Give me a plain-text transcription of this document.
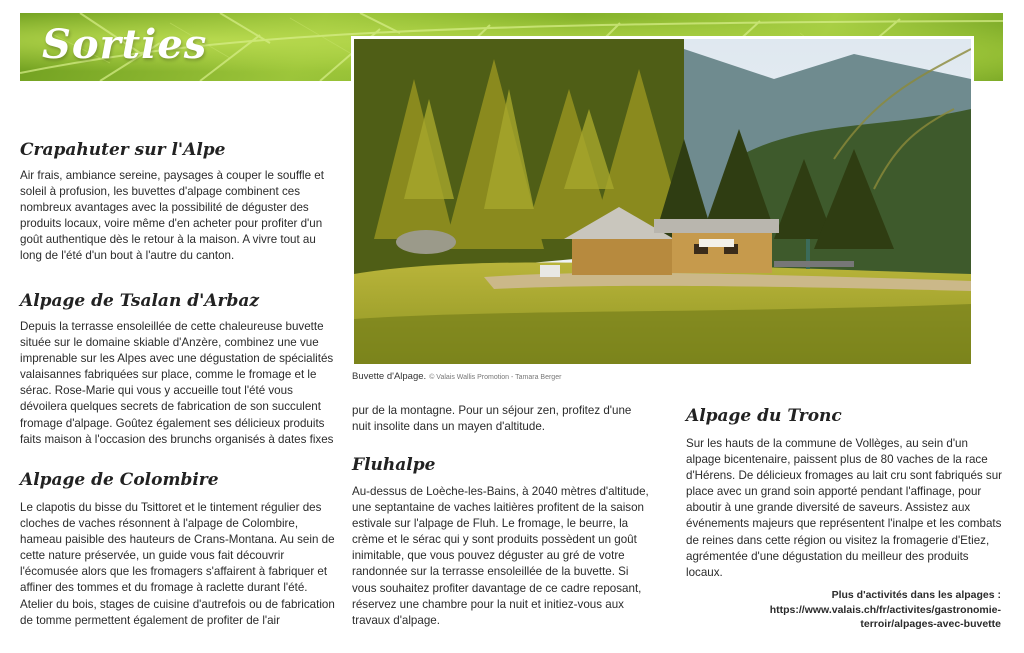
Sorties
Buvette d'Alpage. © Valais Wallis Promotion - Tamara Berger
Crapahuter sur l'Alpe
Air frais, ambiance sereine, paysages à couper le souffle et soleil à profusion, les buvettes d'alpage combinent ces nombreux avantages avec la possibilité de déguster des produits locaux, voire même d'en acheter pour profiter d'un goût authentique dès le retour à la maison. A vivre tout au long de l'été d'un bout à l'autre du canton.
Alpage de Tsalan d'Arbaz
Depuis la terrasse ensoleillée de cette chaleureuse buvette située sur le domaine skiable d'Anzère, combinez une vue imprenable sur les Alpes avec une dégustation de spécialités valaisannes fabriquées sur place, comme le fromage et le sérac. Rose-Marie qui vous y accueille tout l'été vous dévoilera quelques secrets de fabrication de son succulent fromage d'alpage. Goûtez également ses délicieux produits faits maison à l'occasion des brunchs organisés à dates fixes
Alpage de Colombire
Le clapotis du bisse du Tsittoret et le tintement régulier des cloches de vaches résonnent à l'alpage de Colombire, hameau paisible des hauteurs de Crans-Montana. Au sein de cette nature préservée, un guide vous fait découvrir l'écomusée alors que les fromagers s'affairent à fabriquer et affiner des tommes et du fromage à raclette durant l'été. Atelier du bois, stages de cuisine d'autrefois ou de fabrication de tomme permettent également de profiter de l'air
pur de la montagne. Pour un séjour zen, profitez d'une nuit insolite dans un mayen d'altitude.
Fluhalpe
Au-dessus de Loèche-les-Bains, à 2040 mètres d'altitude, une septantaine de vaches laitières profitent de la saison estivale sur l'alpage de Fluh. Le fromage, le beurre, la crème et le sérac qui y sont produits possèdent un goût inimitable, que vous pouvez déguster au gré de votre randonnée sur la terrasse ensoleillée de la buvette. Si vous souhaitez profiter davantage de ce cadre reposant, réservez une chambre pour la nuit et initiez-vous aux travaux d'alpage.
Alpage du Tronc
Sur les hauts de la commune de Vollèges, au sein d'un alpage bicentenaire, paissent plus de 80 vaches de la race d'Hérens. De délicieux fromages au lait cru sont fabriqués sur place avec un grand soin apporté pendant l'affinage, pour aboutir à une grande diversité de saveurs. Assistez aux événements majeurs que représentent l'inalpe et les combats de reines dans cette région ou visitez la fromagerie d'Etiez, agrémentée d'une dégustation du meilleur des produits locaux.
Plus d'activités dans les alpages :
https://www.valais.ch/fr/activites/gastronomie-terroir/alpages-avec-buvette
